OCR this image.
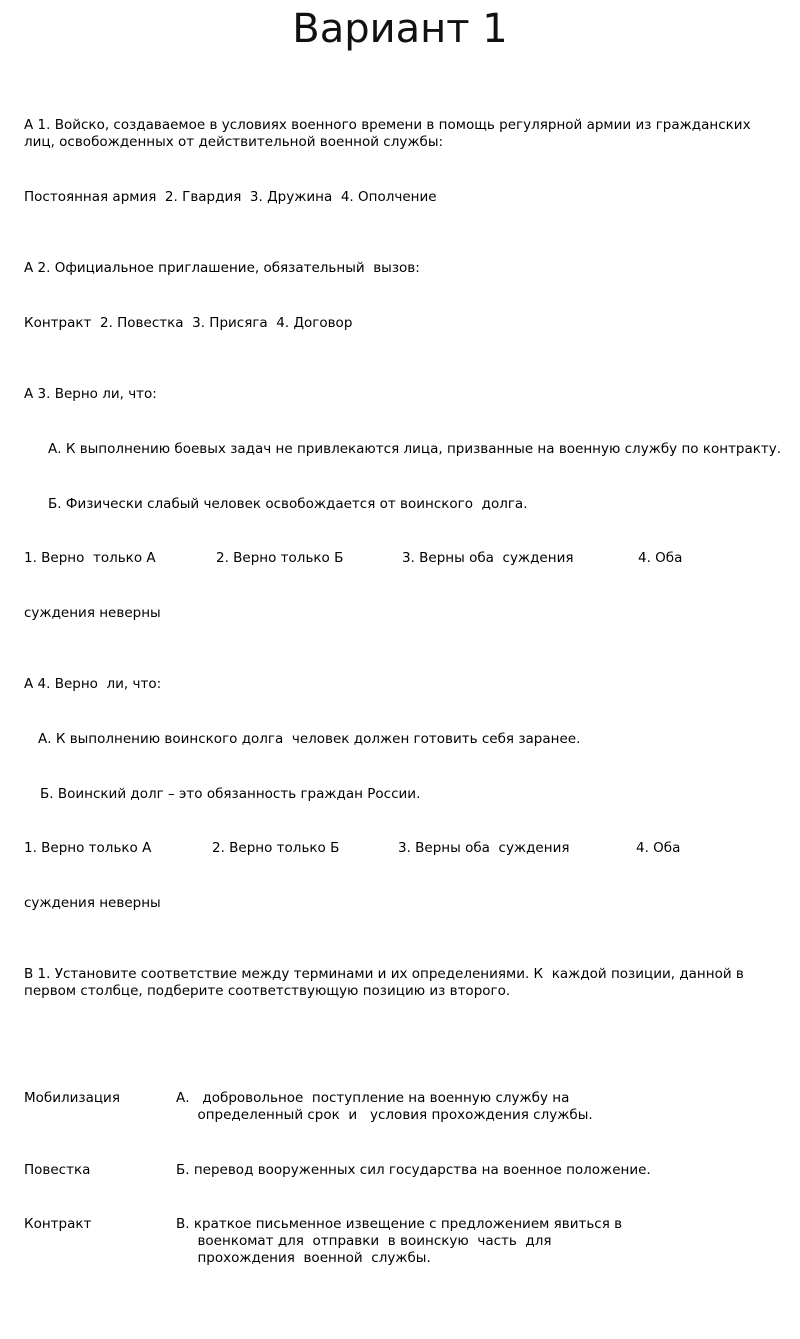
Вариант 1

А 1. Войско, создаваемое в условиях военного времени в помощь регулярной армии из гражданских лиц, освобожденных от действительной военной службы:

Постоянная армия  2. Гвардия  3. Дружина  4. Ополчение

А 2. Официальное приглашение, обязательный  вызов:

Контракт  2. Повестка  3. Присяга  4. Договор

А 3. Верно ли, что:

А. К выполнению боевых задач не привлекаются лица, призванные на военную службу по контракту.

Б. Физически слабый человек освобождается от воинского  долга.

1. Верно  только А	2. Верно только Б	3. Верны оба  суждения	4. Оба

суждения неверны

А 4. Верно  ли, что:

А. К выполнению воинского долга  человек должен готовить себя заранее.

Б. Воинский долг – это обязанность граждан России.

1. Верно только А	2. Верно только Б	3. Верны оба  суждения	4. Оба

суждения неверны

В 1. Установите соответствие между терминами и их определениями. К  каждой позиции, данной в первом столбце, подберите соответствующую позицию из второго.

Мобилизация	А.   добровольное  поступление на военную службу на
определенный срок  и   условия прохождения службы.

Повестка	Б. перевод вооруженных сил государства на военное положение.

Контракт	В. краткое письменное извещение с предложением явиться в
военкомат для  отправки  в воинскую  часть  для
прохождения  военной  службы.
